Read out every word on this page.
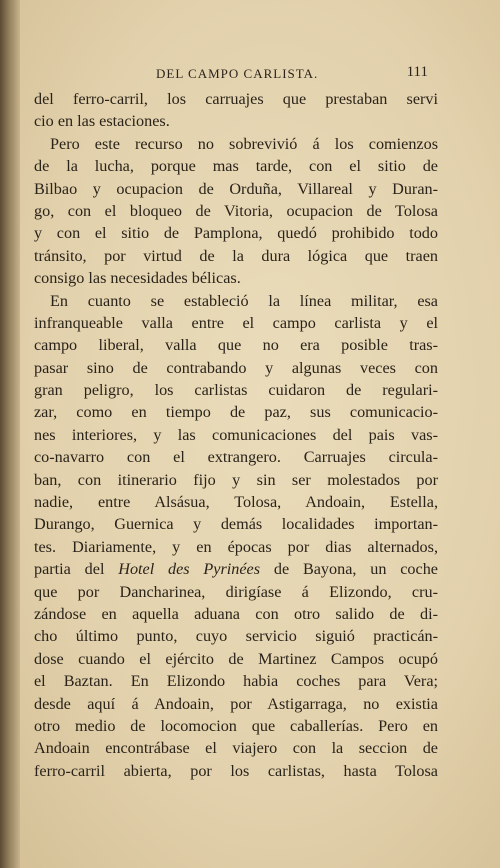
DEL CAMPO CARLISTA.	111
del ferro-carril, los carruajes que prestaban servi
cio en las estaciones.
Pero este recurso no sobrevivió á los comienzos
de la lucha, porque mas tarde, con el sitio de
Bilbao y ocupacion de Orduña, Villareal y Duran-
go, con el bloqueo de Vitoria, ocupacion de Tolosa
y con el sitio de Pamplona, quedó prohibido todo
tránsito, por virtud de la dura lógica que traen
consigo las necesidades bélicas.
En cuanto se estableció la línea militar, esa
infranqueable valla entre el campo carlista y el
campo liberal, valla que no era posible tras-
pasar sino de contrabando y algunas veces con
gran peligro, los carlistas cuidaron de regulari-
zar, como en tiempo de paz, sus comunicacio-
nes interiores, y las comunicaciones del pais vas-
co-navarro con el extrangero. Carruajes circula-
ban, con itinerario fijo y sin ser molestados por
nadie, entre Alsásua, Tolosa, Andoain, Estella,
Durango, Guernica y demás localidades importan-
tes. Diariamente, y en épocas por dias alternados,
partia del Hotel des Pyrinées de Bayona, un coche
que por Dancharinea, dirigíase á Elizondo, cru-
zándose en aquella aduana con otro salido de di-
cho último punto, cuyo servicio siguió practicán-
dose cuando el ejército de Martinez Campos ocupó
el Baztan. En Elizondo habia coches para Vera;
desde aquí á Andoain, por Astigarraga, no existia
otro medio de locomocion que caballerías. Pero en
Andoain encontrábase el viajero con la seccion de
ferro-carril abierta, por los carlistas, hasta Tolosa
